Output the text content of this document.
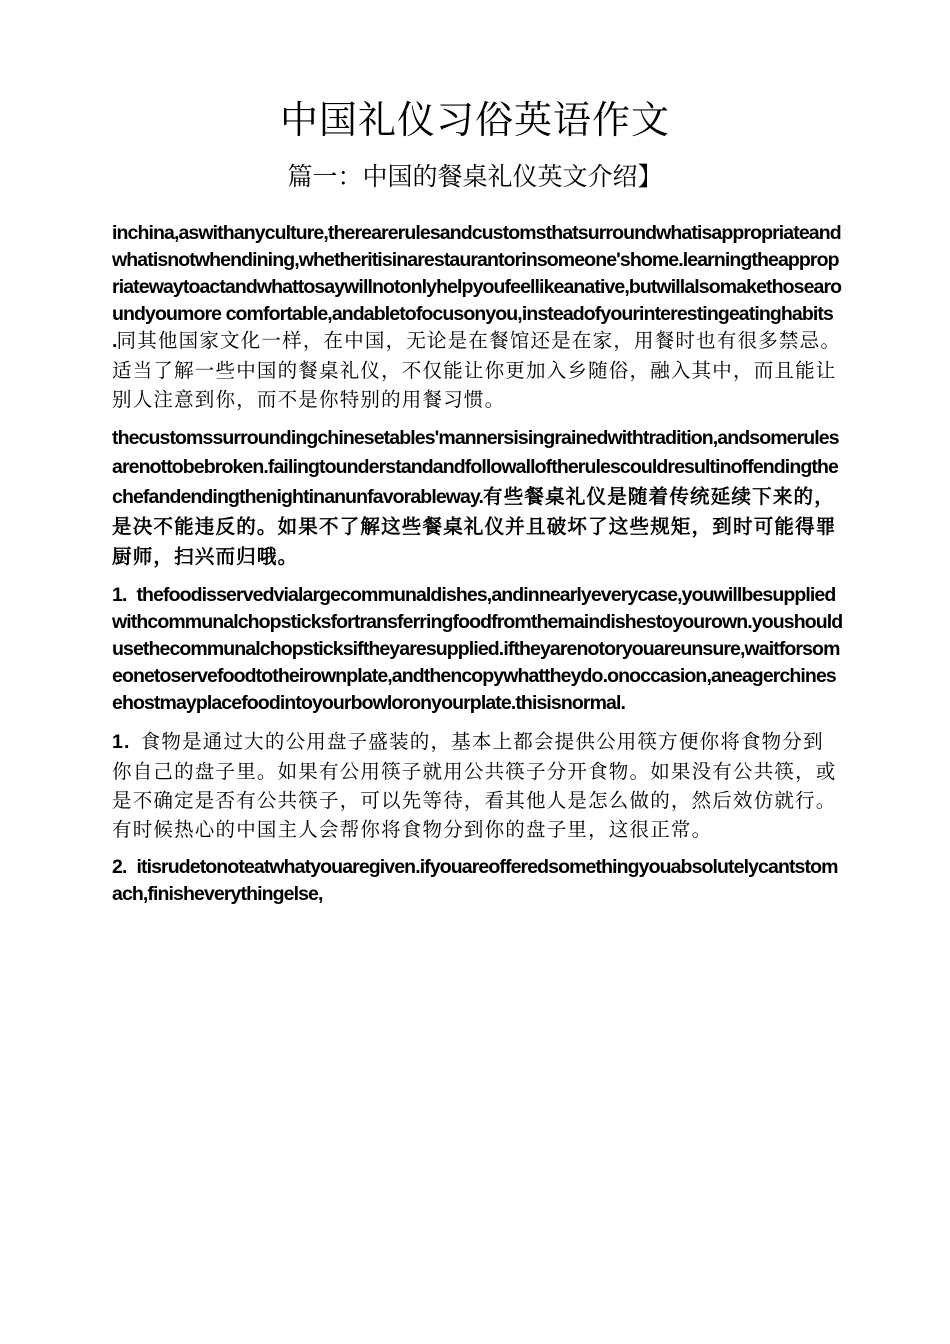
中国礼仪习俗英语作文
篇一：中国的餐桌礼仪英文介绍】
inchina,aswithanyculture,therearerulesandcustomsthatsurroundwhatisappropriateandwhatisnotwhendining,whetheritisinarestaurantorinsomeone'shome.learningtheappropriatewaytoactandwhattosaywillnotonlyhelpyoufeellikeanative,butwillalsomakethosearoundyoumore comfortable,andabletofocusonyou,insteadofyourinterestingeatinghabits
.同其他国家文化一样，在中国，无论是在餐馆还是在家，用餐时也有很多禁忌。适当了解一些中国的餐桌礼仪，不仅能让你更加入乡随俗，融入其中，而且能让别人注意到你，而不是你特别的用餐习惯。
thecustomssurroundingchinesetables'mannersisingrainedwithtradition,andsomerulesarenottobebroken.failingtounderstandandfollowalloftherulescouldresultinoffendingthechefandendingthenightinanunfavorableway.有些餐桌礼仪是随着传统延续下来的，是决不能违反的。如果不了解这些餐桌礼仪并且破坏了这些规矩，到时可能得罪厨师，扫兴而归哦。
1. thefoodisservedvialargecommunaldishes,andinnearlyeverycase,youwillbesuppliedwithcommunalchopsticksfortransferringfoodfromthemaindishestoyourown.youshouldusethecommunalchopsticksiftheyaresupplied.iftheyarenotoryouareunsure,waitforsomeonetoservefoodtotheirownplate,andthencopywhattheydo.onoccasion,aneagerchinesehostmayplacefoodintoyourbowloronyourplate.thisisnormal.
1. 食物是通过大的公用盘子盛装的，基本上都会提供公用筷方便你将食物分到你自己的盘子里。如果有公用筷子就用公共筷子分开食物。如果没有公共筷，或是不确定是否有公共筷子，可以先等待，看其他人是怎么做的，然后效仿就行。有时候热心的中国主人会帮你将食物分到你的盘子里，这很正常。
2. itisrudetonoteatwhatyouaregiven.ifyouareofferedsomethingyouabsolutelycantstomach,finisheverythingelse,
